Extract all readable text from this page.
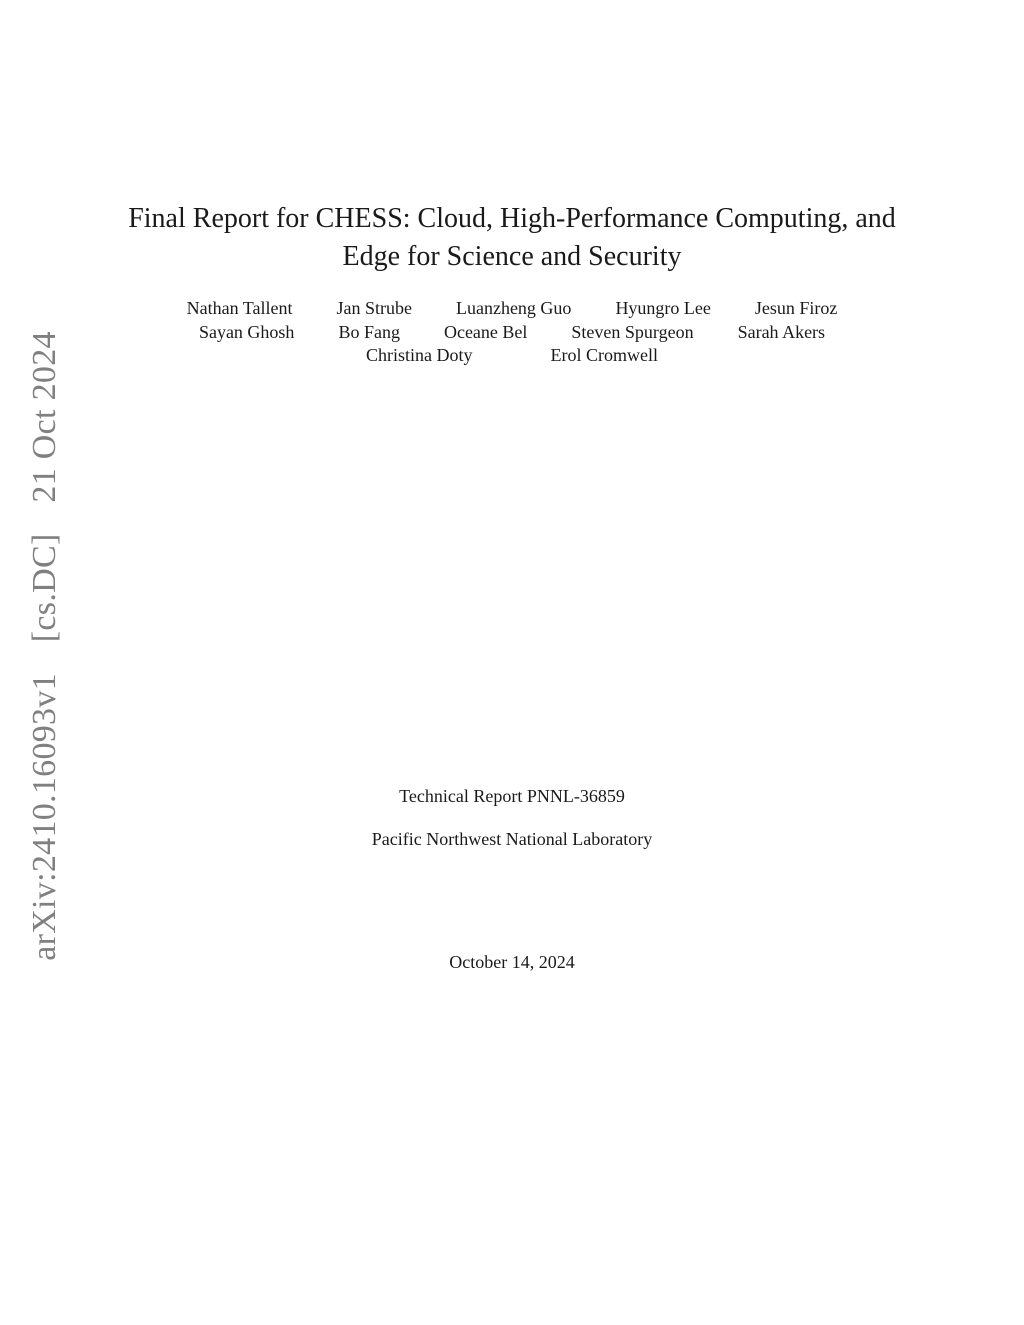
arXiv:2410.16093v1 [cs.DC] 21 Oct 2024
Final Report for CHESS: Cloud, High-Performance Computing, and
Edge for Science and Security
Nathan Tallent Jan Strube Luanzheng Guo Hyungro Lee Jesun Firoz
Sayan Ghosh Bo Fang Oceane Bel Steven Spurgeon Sarah Akers
Christina Doty	Erol Cromwell
Technical Report PNNL-36859
Pacific Northwest National Laboratory
October 14, 2024
